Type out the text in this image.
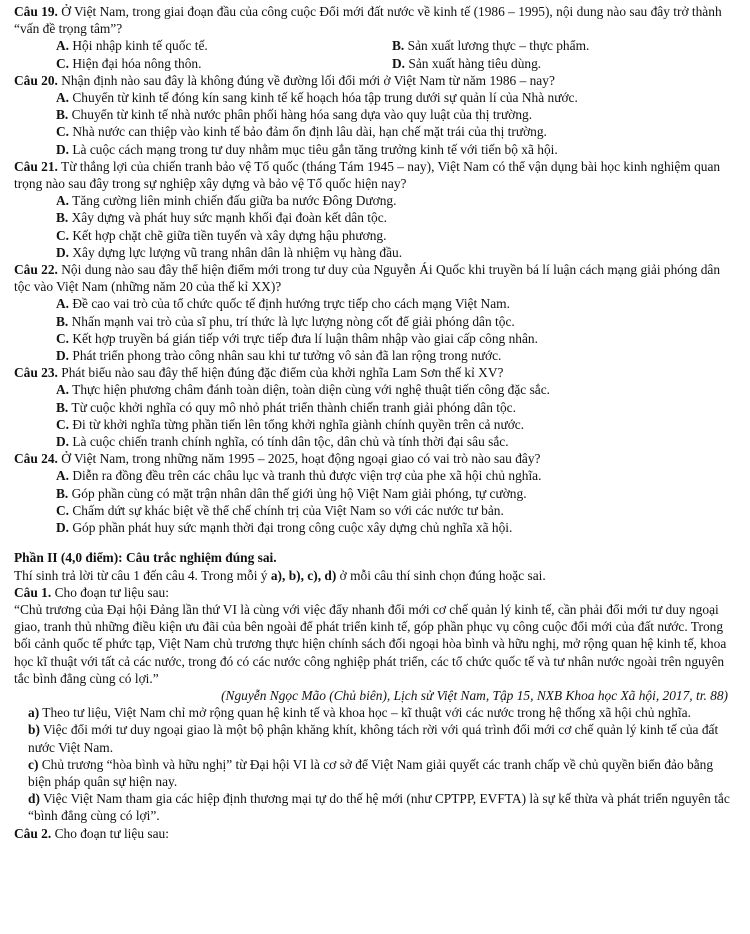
Câu 19. Ở Việt Nam, trong giai đoạn đầu của công cuộc Đổi mới đất nước về kinh tế (1986 – 1995), nội dung nào sau đây trở thành “vấn đề trọng tâm”?
A. Hội nhập kinh tế quốc tế.	B. Sản xuất lương thực – thực phẩm.
C. Hiện đại hóa nông thôn.	D. Sản xuất hàng tiêu dùng.
Câu 20. Nhận định nào sau đây là không đúng về đường lối đổi mới ở Việt Nam từ năm 1986 – nay?
A. Chuyển từ kinh tế đóng kín sang kinh tế kế hoạch hóa tập trung dưới sự quản lí của Nhà nước.
B. Chuyển từ kinh tế nhà nước phân phối hàng hóa sang dựa vào quy luật của thị trường.
C. Nhà nước can thiệp vào kinh tế bảo đảm ổn định lâu dài, hạn chế mặt trái của thị trường.
D. Là cuộc cách mạng trong tư duy nhằm mục tiêu gắn tăng trưởng kinh tế với tiến bộ xã hội.
Câu 21. Từ thắng lợi của chiến tranh bảo vệ Tổ quốc (tháng Tám 1945 – nay), Việt Nam có thể vận dụng bài học kinh nghiệm quan trọng nào sau đây trong sự nghiệp xây dựng và bảo vệ Tổ quốc hiện nay?
A. Tăng cường liên minh chiến đấu giữa ba nước Đông Dương.
B. Xây dựng và phát huy sức mạnh khối đại đoàn kết dân tộc.
C. Kết hợp chặt chẽ giữa tiền tuyến và xây dựng hậu phương.
D. Xây dựng lực lượng vũ trang nhân dân là nhiệm vụ hàng đầu.
Câu 22. Nội dung nào sau đây thể hiện điểm mới trong tư duy của Nguyễn Ái Quốc khi truyền bá lí luận cách mạng giải phóng dân tộc vào Việt Nam (những năm 20 của thế kỉ XX)?
A. Đề cao vai trò của tổ chức quốc tế định hướng trực tiếp cho cách mạng Việt Nam.
B. Nhấn mạnh vai trò của sĩ phu, trí thức là lực lượng nòng cốt để giải phóng dân tộc.
C. Kết hợp truyền bá gián tiếp với trực tiếp đưa lí luận thâm nhập vào giai cấp công nhân.
D. Phát triển phong trào công nhân sau khi tư tưởng vô sản đã lan rộng trong nước.
Câu 23. Phát biểu nào sau đây thể hiện đúng đặc điểm của khởi nghĩa Lam Sơn thế kỉ XV?
A. Thực hiện phương châm đánh toàn diện, toàn diện cùng với nghệ thuật tiến công đặc sắc.
B. Từ cuộc khởi nghĩa có quy mô nhỏ phát triển thành chiến tranh giải phóng dân tộc.
C. Đi từ khởi nghĩa từng phần tiến lên tổng khởi nghĩa giành chính quyền trên cả nước.
D. Là cuộc chiến tranh chính nghĩa, có tính dân tộc, dân chủ và tính thời đại sâu sắc.
Câu 24. Ở Việt Nam, trong những năm 1995 – 2025, hoạt động ngoại giao có vai trò nào sau đây?
A. Diễn ra đồng đều trên các châu lục và tranh thủ được viện trợ của phe xã hội chủ nghĩa.
B. Góp phần cùng có mặt trận nhân dân thế giới ủng hộ Việt Nam giải phóng, tự cường.
C. Chấm dứt sự khác biệt về thể chế chính trị của Việt Nam so với các nước tư bản.
D. Góp phần phát huy sức mạnh thời đại trong công cuộc xây dựng chủ nghĩa xã hội.
Phần II (4,0 điểm): Câu trắc nghiệm đúng sai.
Thí sinh trả lời từ câu 1 đến câu 4. Trong mỗi ý a), b), c), d) ở mỗi câu thí sinh chọn đúng hoặc sai.
Câu 1. Cho đoạn tư liệu sau:
“Chủ trương của Đại hội Đảng lần thứ VI là cùng với việc đẩy nhanh đổi mới cơ chế quản lý kinh tế, cần phải đổi mới tư duy ngoại giao, tranh thủ những điều kiện ưu đãi của bên ngoài để phát triển kinh tế, góp phần phục vụ công cuộc đổi mới của đất nước. Trong bối cảnh quốc tế phức tạp, Việt Nam chủ trương thực hiện chính sách đối ngoại hòa bình và hữu nghị, mở rộng quan hệ kinh tế, khoa học kĩ thuật với tất cả các nước, trong đó có các nước công nghiệp phát triển, các tổ chức quốc tế và tư nhân nước ngoài trên nguyên tắc bình đẳng cùng có lợi.”
(Nguyễn Ngọc Mão (Chủ biên), Lịch sử Việt Nam, Tập 15, NXB Khoa học Xã hội, 2017, tr. 88)
a) Theo tư liệu, Việt Nam chỉ mở rộng quan hệ kinh tế và khoa học – kĩ thuật với các nước trong hệ thống xã hội chủ nghĩa.
b) Việc đổi mới tư duy ngoại giao là một bộ phận khăng khít, không tách rời với quá trình đổi mới cơ chế quản lý kinh tế của đất nước Việt Nam.
c) Chủ trương “hòa bình và hữu nghị” từ Đại hội VI là cơ sở để Việt Nam giải quyết các tranh chấp về chủ quyền biển đảo bằng biện pháp quân sự hiện nay.
d) Việc Việt Nam tham gia các hiệp định thương mại tự do thế hệ mới (như CPTPP, EVFTA) là sự kế thừa và phát triển nguyên tắc “bình đẳng cùng có lợi”.
Câu 2. Cho đoạn tư liệu sau:
